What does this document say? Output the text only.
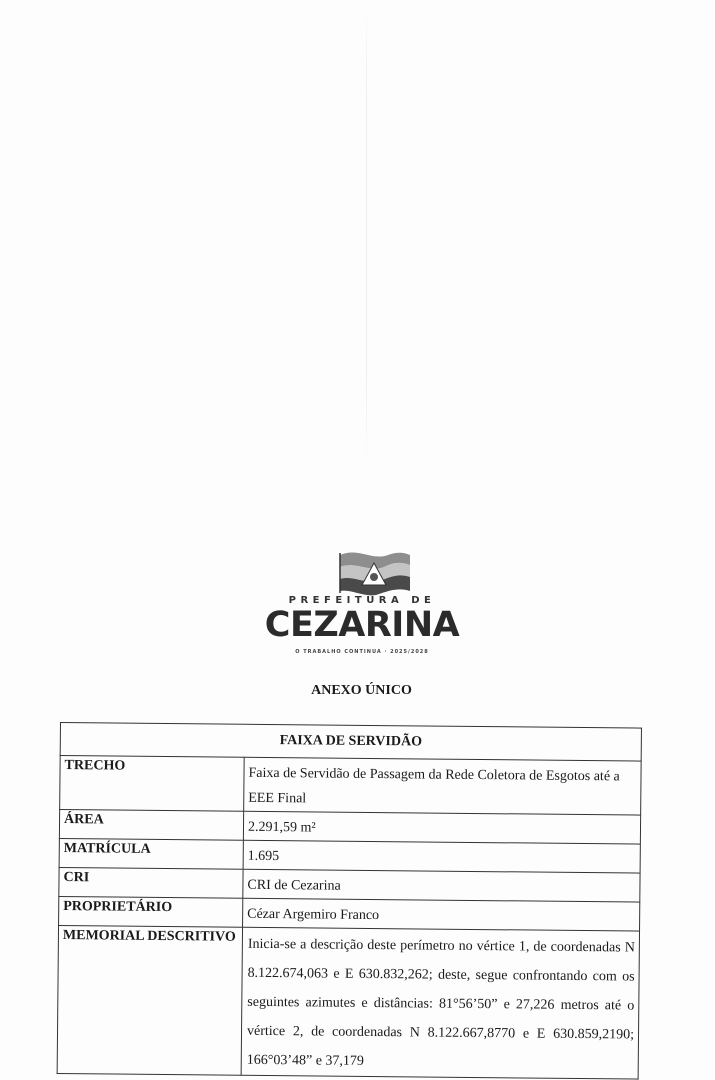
PREFEITURA DE
CEZARINA
O TRABALHO CONTINUA · 2025/2028
ANEXO ÚNICO
FAIXA DE SERVIDÃO	
TRECHO	Faixa de Servidão de Passagem da Rede Coletora de Esgotos até a EEE Final
ÁREA	2.291,59 m²
MATRÍCULA	1.695
CRI	CRI de Cezarina
PROPRIETÁRIO	Cézar Argemiro Franco
MEMORIAL DESCRITIVO	Inicia-se a descrição deste perímetro no vértice 1, de coordenadas N 8.122.674,063 e E 630.832,262; deste, segue confrontando com os seguintes azimutes e distâncias: 81°56’50” e 27,226 metros até o vértice 2, de coordenadas N 8.122.667,8770 e E 630.859,2190; 166°03’48” e 37,179
